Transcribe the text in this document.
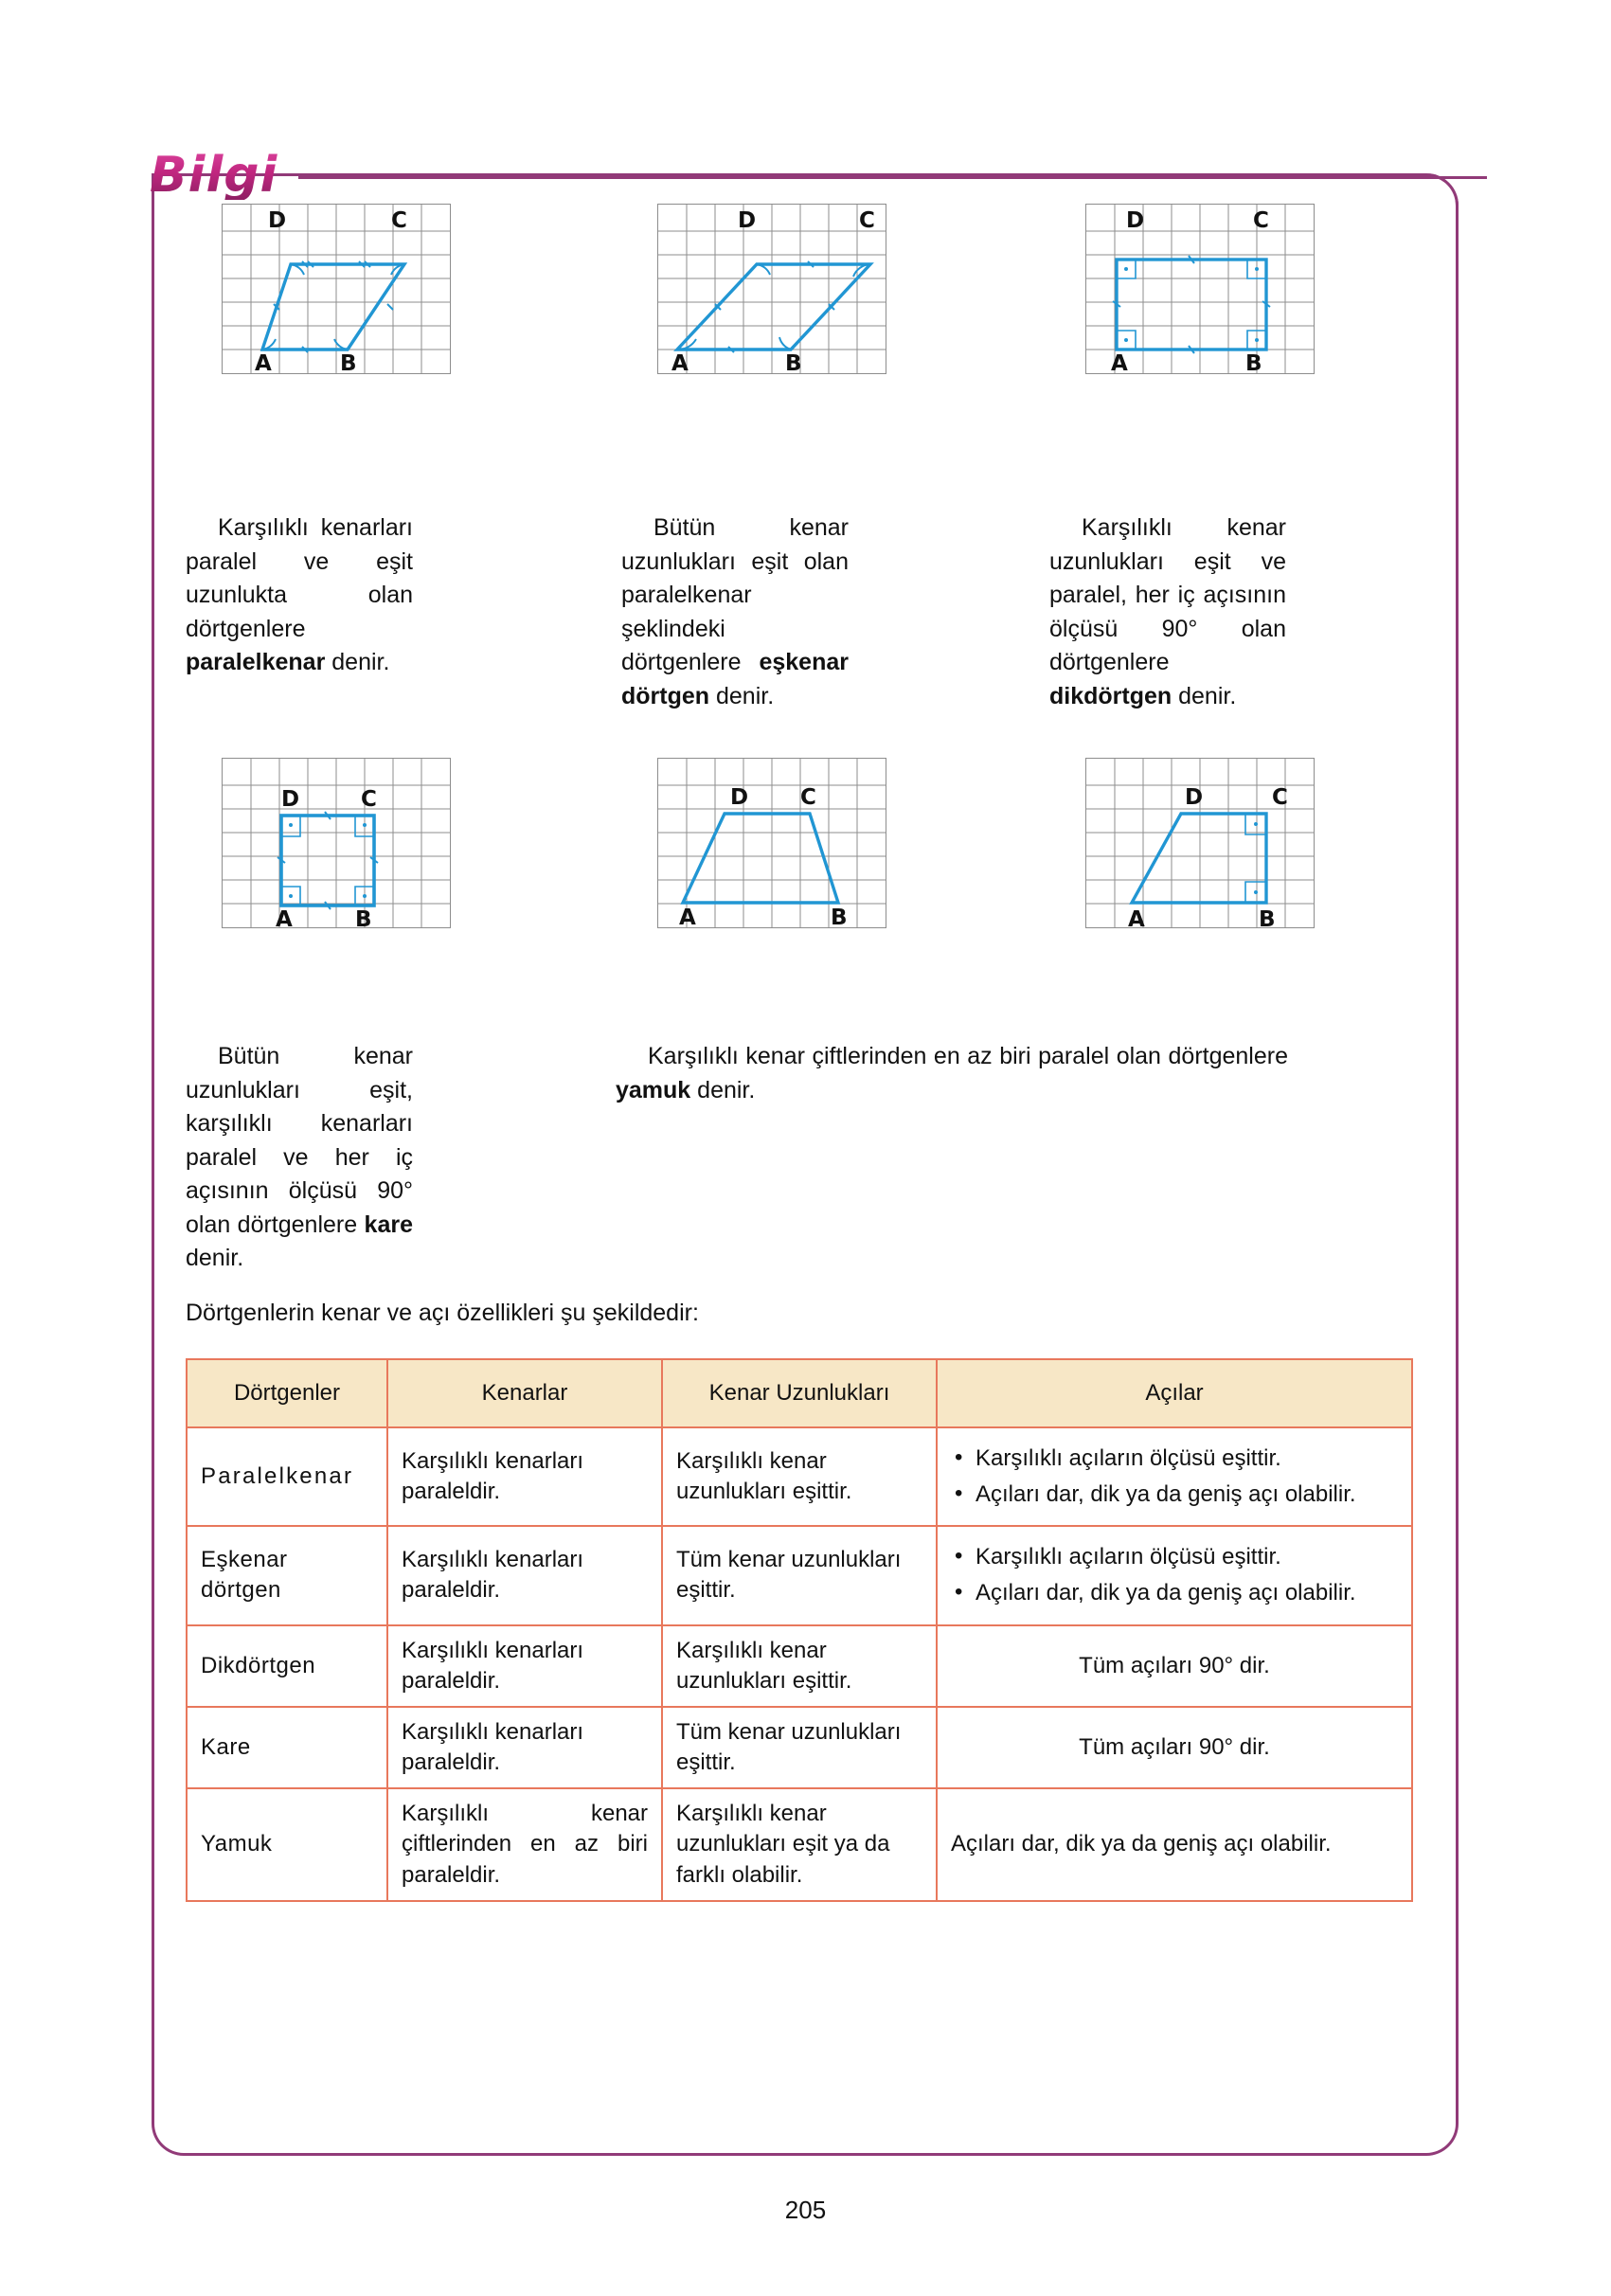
Bilgi
D	C
A	B
D	C
A	B
D	C
A	B
Karşılıklı kenarları paralel ve eşit uzunlukta olan dörtgenlere paralelkenar denir.
Bütün kenar uzunlukları eşit olan paralelkenar şeklindeki dörtgenlere eşkenar dörtgen denir.
Karşılıklı kenar uzunlukları eşit ve paralel, her iç açısının ölçüsü 90° olan dörtgenlere dikdörtgen denir.
D	C
A	B
D C
A	B
D	C
A	B
Bütün kenar uzunlukları eşit, karşılıklı kenarları paralel ve her iç açısının ölçüsü 90° olan dörtgenlere kare denir.
Karşılıklı kenar çiftlerinden en az biri paralel olan dörtgenlere yamuk denir.
Dörtgenlerin kenar ve açı özellikleri şu şekildedir:
Dörtgenler	Kenarlar	Kenar Uzunlukları	Açılar
Paralelkenar	Karşılıklı kenarları paraleldir.	Karşılıklı kenar uzunlukları eşittir.	
• Karşılıklı açıların ölçüsü eşittir.
• Açıları dar, dik ya da geniş açı olabilir.

Eşkenar dörtgen	Karşılıklı kenarları paraleldir.	Tüm kenar uzunlukları eşittir.	
• Karşılıklı açıların ölçüsü eşittir.
• Açıları dar, dik ya da geniş açı olabilir.

Dikdörtgen	Karşılıklı kenarları paraleldir.	Karşılıklı kenar uzunlukları eşittir.	Tüm açıları 90° dir.
Kare	Karşılıklı kenarları paraleldir.	Tüm kenar uzunlukları eşittir.	Tüm açıları 90° dir.
Yamuk	Karşılıklı kenar çiftlerinden en az biri paraleldir.	Karşılıklı kenar uzunlukları eşit ya da farklı olabilir.	Açıları dar, dik ya da geniş açı olabilir.
205
